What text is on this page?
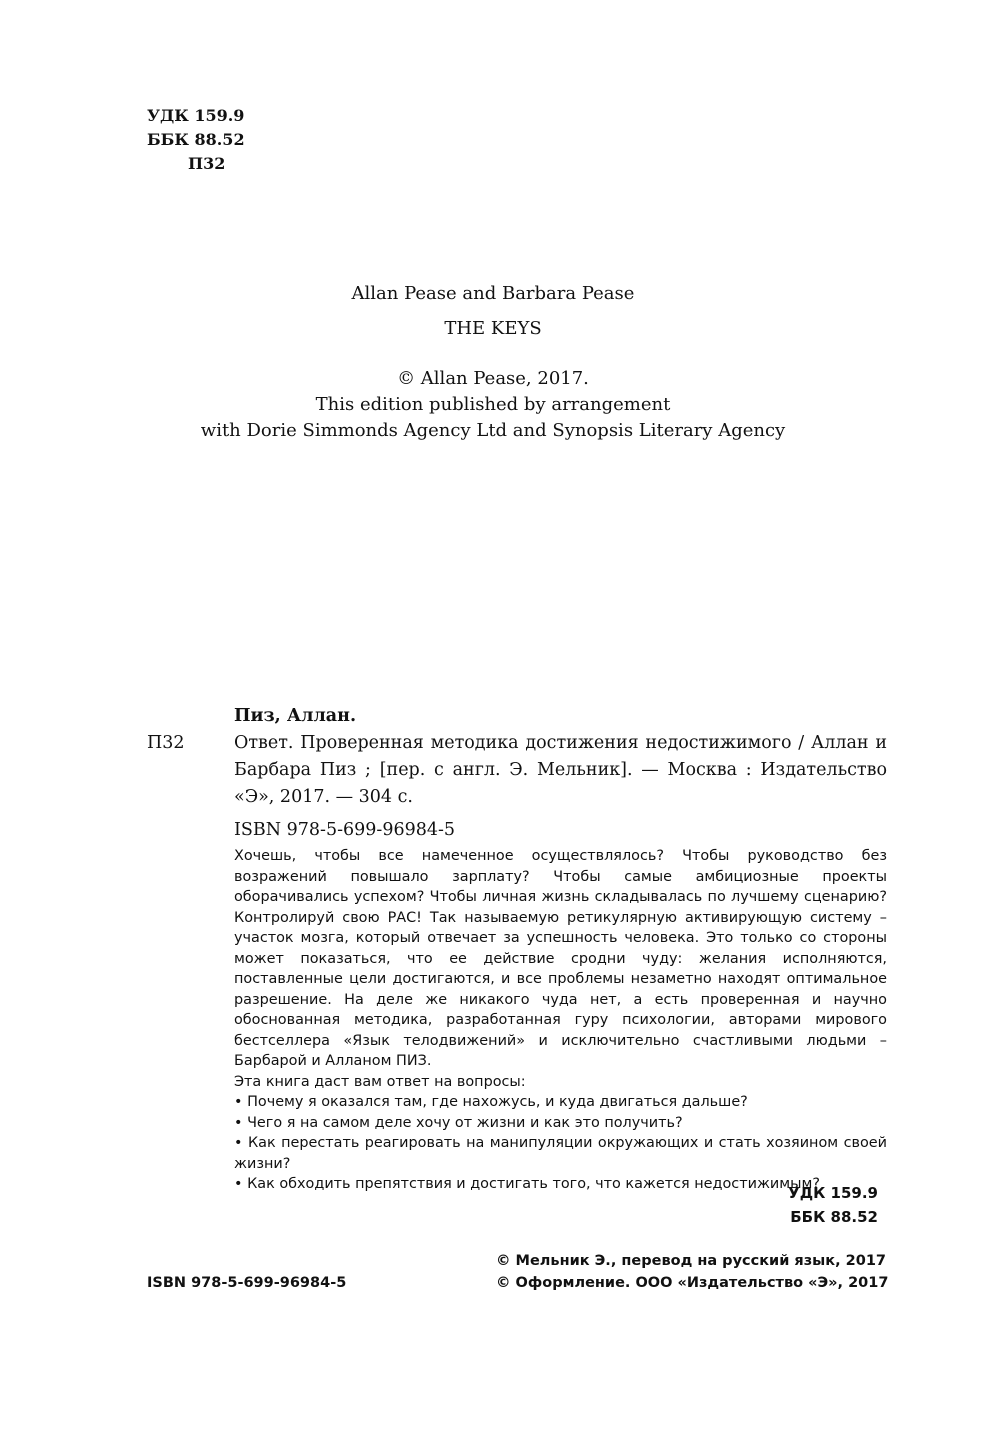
УДК 159.9
ББК 88.52
П32
Allan Pease and Barbara Pease
THE KEYS
© Allan Pease, 2017.
This edition published by arrangement
with Dorie Simmonds Agency Ltd and Synopsis Literary Agency
Пиз, Аллан.
П32	Ответ. Проверенная методика достижения недостижимого / Аллан и Барбара Пиз ; [пер. с англ. Э. Мельник]. — Москва : Издательство «Э», 2017. — 304 с.
ISBN 978-5-699-96984-5

Хочешь, чтобы все намеченное осуществлялось? Чтобы руководство без возражений повышало зарплату? Чтобы самые амбициозные проекты оборачивались успехом? Чтобы личная жизнь складывалась по лучшему сценарию? Контролируй свою РАС! Так называемую ретикулярную активирующую систему – участок мозга, который отвечает за успешность человека. Это только со стороны может показаться, что ее действие сродни чуду: желания исполняются, поставленные цели достигаются, и все проблемы незаметно находят оптимальное разрешение. На деле же никакого чуда нет, а есть проверенная и научно обоснованная методика, разработанная гуру психологии, авторами мирового бестселлера «Язык телодвижений» и исключительно счастливыми людьми – Барбарой и Алланом ПИЗ.

Эта книга даст вам ответ на вопросы:

• Почему я оказался там, где нахожусь, и куда двигаться дальше?

• Чего я на самом деле хочу от жизни и как это получить?

• Как перестать реагировать на манипуляции окружающих и стать хозяином своей жизни?

• Как обходить препятствия и достигать того, что кажется недостижимым?

УДК 159.9
ББК 88.52
ISBN 978-5-699-96984-5
© Мельник Э., перевод на русский язык, 2017
© Оформление. ООО «Издательство «Э», 2017
